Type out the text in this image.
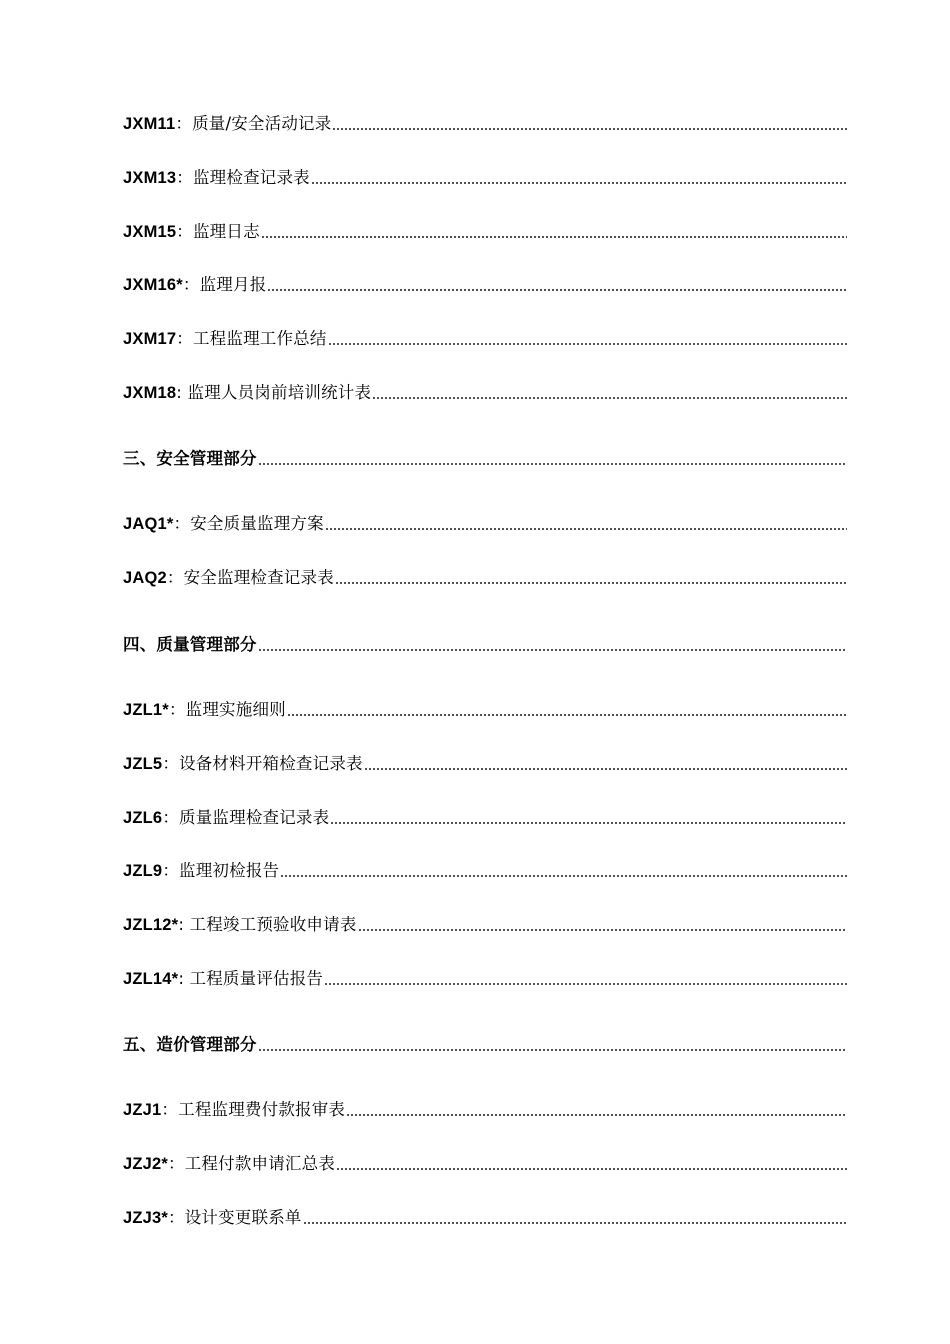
JXM11：质量/安全活动记录
JXM13：监理检查记录表
JXM15：监理日志
JXM16*：监理月报
JXM17：工程监理工作总结
JXM18: 监理人员岗前培训统计表
三、安全管理部分
JAQ1*：安全质量监理方案
JAQ2：安全监理检查记录表
四、质量管理部分
JZL1*：监理实施细则
JZL5：设备材料开箱检查记录表
JZL6：质量监理检查记录表
JZL9：监理初检报告
JZL12*: 工程竣工预验收申请表
JZL14*: 工程质量评估报告
五、造价管理部分
JZJ1：工程监理费付款报审表
JZJ2*：工程付款申请汇总表
JZJ3*：设计变更联系单
